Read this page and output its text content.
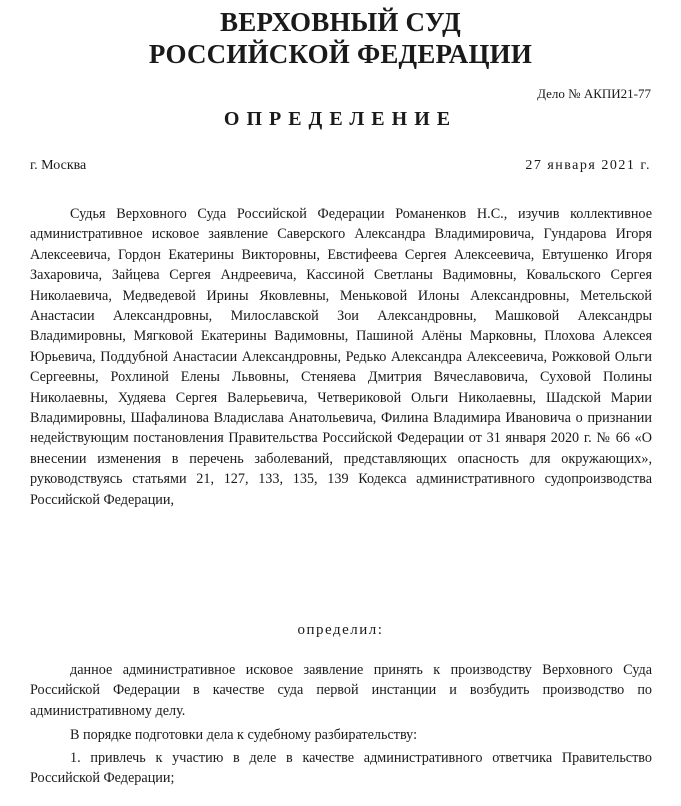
ВЕРХОВНЫЙ СУД
РОССИЙСКОЙ ФЕДЕРАЦИИ
Дело № АКПИ21-77
ОПРЕДЕЛЕНИЕ
г. Москва	27 января 2021 г.

Судья Верховного Суда Российской Федерации Романенков Н.С., изучив коллективное административное исковое заявление Саверского Александра Владимировича, Гундарова Игоря Алексеевича, Гордон Екатерины Викторовны, Евстифеева Сергея Алексеевича, Евтушенко Игоря Захаровича, Зайцева Сергея Андреевича, Кассиной Светланы Вадимовны, Ковальского Сергея Николаевича, Медведевой Ирины Яковлевны, Меньковой Илоны Александровны, Метельской Анастасии Александровны, Милославской Зои Александровны, Машковой Александры Владимировны, Мягковой Екатерины Вадимовны, Пашиной Алёны Марковны, Плохова Алексея Юрьевича, Поддубной Анастасии Александровны, Редько Александра Алексеевича, Рожковой Ольги Сергеевны, Рохлиной Елены Львовны, Стеняева Дмитрия Вячеславовича, Суховой Полины Николаевны, Худяева Сергея Валерьевича, Четвериковой Ольги Николаевны, Шадской Марии Владимировны, Шафалинова Владислава Анатольевича, Филина Владимира Ивановича о признании недействующим постановления Правительства Российской Федерации от 31 января 2020 г. № 66 «О внесении изменения в перечень заболеваний, представляющих опасность для окружающих», руководствуясь статьями 21, 127, 133, 135, 139 Кодекса административного судопроизводства Российской Федерации,

определил:

данное административное исковое заявление принять к производству Верховного Суда Российской Федерации в качестве суда первой инстанции и возбудить производство по административному делу.

В порядке подготовки дела к судебному разбирательству:

1. привлечь к участию в деле в качестве административного ответчика Правительство Российской Федерации;
